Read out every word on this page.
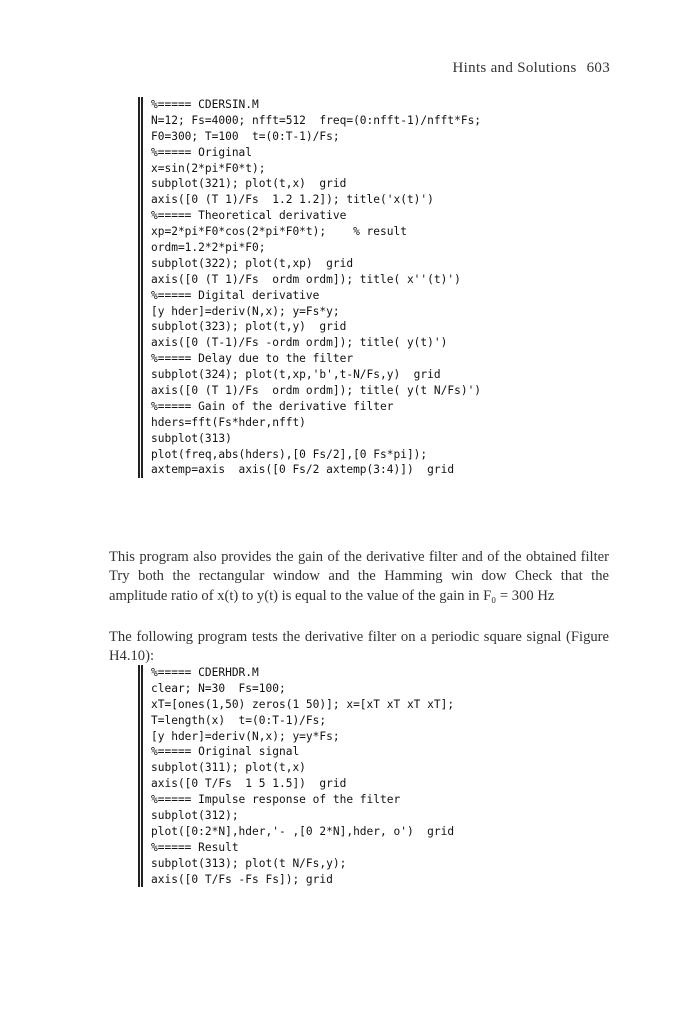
Hints and Solutions 603
%===== CDERSIN.M
N=12; Fs=4000; nfft=512  freq=(0:nfft-1)/nfft*Fs;
F0=300; T=100  t=(0:T-1)/Fs;
%===== Original
x=sin(2*pi*F0*t);
subplot(321); plot(t,x)  grid
axis([0 (T 1)/Fs  1.2 1.2]); title('x(t)')
%===== Theoretical derivative
xp=2*pi*F0*cos(2*pi*F0*t);    % result
ordm=1.2*2*pi*F0;
subplot(322); plot(t,xp)  grid
axis([0 (T 1)/Fs  ordm ordm]); title( x''(t)')
%===== Digital derivative
[y hder]=deriv(N,x); y=Fs*y;
subplot(323); plot(t,y)  grid
axis([0 (T-1)/Fs -ordm ordm]); title( y(t)')
%===== Delay due to the filter
subplot(324); plot(t,xp,'b',t-N/Fs,y)  grid
axis([0 (T 1)/Fs  ordm ordm]); title( y(t N/Fs)')
%===== Gain of the derivative filter
hders=fft(Fs*hder,nfft)
subplot(313)
plot(freq,abs(hders),[0 Fs/2],[0 Fs*pi]);
axtemp=axis  axis([0 Fs/2 axtemp(3:4)])  grid

This program also provides the gain of the derivative filter and of the obtained filter Try both the rectangular window and the Hamming win dow Check that the amplitude ratio of x(t) to y(t) is equal to the value of the gain in F₀ = 300 Hz

The following program tests the derivative filter on a periodic square signal (Figure H4.10):

%===== CDERHDR.M
clear; N=30  Fs=100;
xT=[ones(1,50) zeros(1 50)]; x=[xT xT xT xT];
T=length(x)  t=(0:T-1)/Fs;
[y hder]=deriv(N,x); y=y*Fs;
%===== Original signal
subplot(311); plot(t,x)
axis([0 T/Fs  1 5 1.5])  grid
%===== Impulse response of the filter
subplot(312);
plot([0:2*N],hder,'- ,[0 2*N],hder, o')  grid
%===== Result
subplot(313); plot(t N/Fs,y);
axis([0 T/Fs -Fs Fs]); grid
